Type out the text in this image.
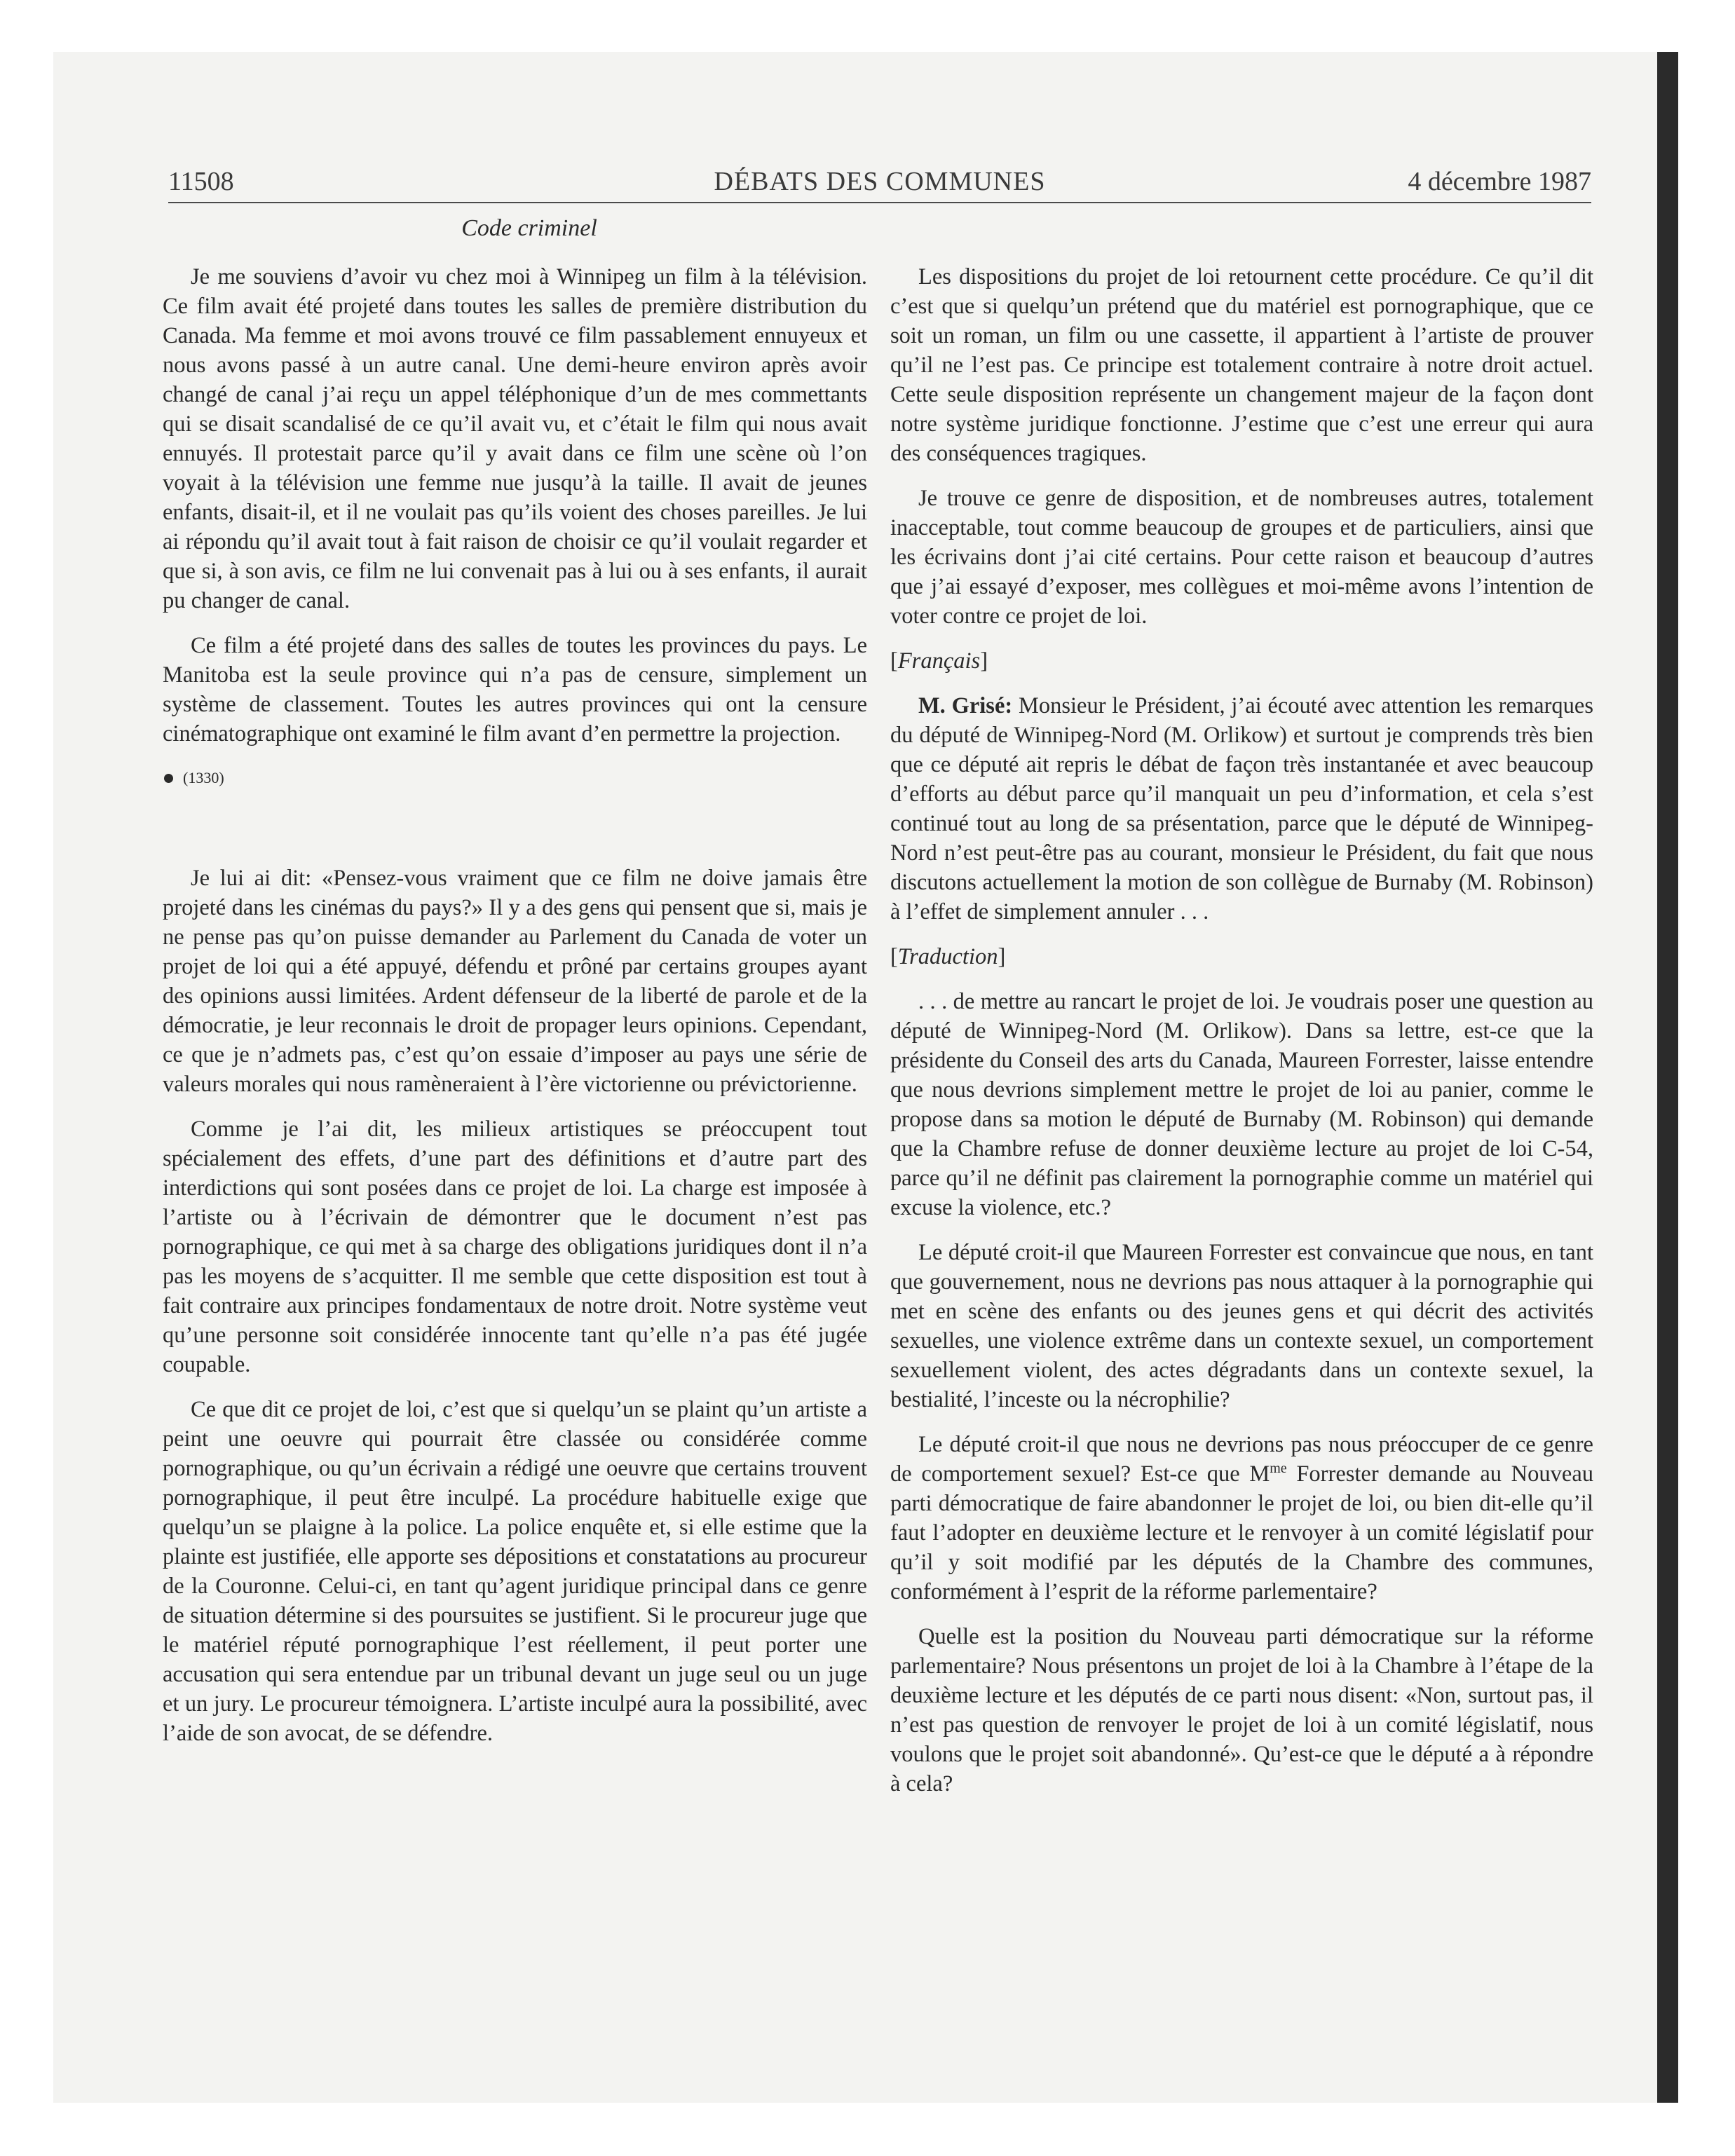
11508	DÉBATS DES COMMUNES	4 décembre 1987
Code criminel

Je me souviens d’avoir vu chez moi à Winnipeg un film à la télévision. Ce film avait été projeté dans toutes les salles de première distribution du Canada. Ma femme et moi avons trouvé ce film passablement ennuyeux et nous avons passé à un autre canal. Une demi-heure environ après avoir changé de canal j’ai reçu un appel téléphonique d’un de mes commettants qui se disait scandalisé de ce qu’il avait vu, et c’était le film qui nous avait ennuyés. Il protestait parce qu’il y avait dans ce film une scène où l’on voyait à la télévision une femme nue jusqu’à la taille. Il avait de jeunes enfants, disait-il, et il ne voulait pas qu’ils voient des choses pareilles. Je lui ai répondu qu’il avait tout à fait raison de choisir ce qu’il voulait regarder et que si, à son avis, ce film ne lui convenait pas à lui ou à ses enfants, il aurait pu changer de canal.

Ce film a été projeté dans des salles de toutes les provinces du pays. Le Manitoba est la seule province qui n’a pas de censure, simplement un système de classement. Toutes les autres provinces qui ont la censure cinématographique ont examiné le film avant d’en permettre la projection.

(1330)

Je lui ai dit: «Pensez-vous vraiment que ce film ne doive jamais être projeté dans les cinémas du pays?» Il y a des gens qui pensent que si, mais je ne pense pas qu’on puisse demander au Parlement du Canada de voter un projet de loi qui a été appuyé, défendu et prôné par certains groupes ayant des opinions aussi limitées. Ardent défenseur de la liberté de parole et de la démocratie, je leur reconnais le droit de propager leurs opinions. Cependant, ce que je n’admets pas, c’est qu’on essaie d’imposer au pays une série de valeurs morales qui nous ramèneraient à l’ère victorienne ou prévictorienne.

Comme je l’ai dit, les milieux artistiques se préoccupent tout spécialement des effets, d’une part des définitions et d’autre part des interdictions qui sont posées dans ce projet de loi. La charge est imposée à l’artiste ou à l’écrivain de démontrer que le document n’est pas pornographique, ce qui met à sa charge des obligations juridiques dont il n’a pas les moyens de s’acquitter. Il me semble que cette disposition est tout à fait contraire aux principes fondamentaux de notre droit. Notre système veut qu’une personne soit considérée innocente tant qu’elle n’a pas été jugée coupable.

Ce que dit ce projet de loi, c’est que si quelqu’un se plaint qu’un artiste a peint une oeuvre qui pourrait être classée ou considérée comme pornographique, ou qu’un écrivain a rédigé une oeuvre que certains trouvent pornographique, il peut être inculpé. La procédure habituelle exige que quelqu’un se plaigne à la police. La police enquête et, si elle estime que la plainte est justifiée, elle apporte ses dépositions et constatations au procureur de la Couronne. Celui-ci, en tant qu’agent juridique principal dans ce genre de situation détermine si des poursuites se justifient. Si le procureur juge que le matériel réputé pornographique l’est réellement, il peut porter une accusation qui sera entendue par un tribunal devant un juge seul ou un juge et un jury. Le procureur témoignera. L’artiste inculpé aura la possibilité, avec l’aide de son avocat, de se défendre.

Les dispositions du projet de loi retournent cette procédure. Ce qu’il dit c’est que si quelqu’un prétend que du matériel est pornographique, que ce soit un roman, un film ou une cassette, il appartient à l’artiste de prouver qu’il ne l’est pas. Ce principe est totalement contraire à notre droit actuel. Cette seule disposition représente un changement majeur de la façon dont notre système juridique fonctionne. J’estime que c’est une erreur qui aura des conséquences tragiques.

Je trouve ce genre de disposition, et de nombreuses autres, totalement inacceptable, tout comme beaucoup de groupes et de particuliers, ainsi que les écrivains dont j’ai cité certains. Pour cette raison et beaucoup d’autres que j’ai essayé d’exposer, mes collègues et moi-même avons l’intention de voter contre ce projet de loi.

[Français]

M. Grisé: Monsieur le Président, j’ai écouté avec attention les remarques du député de Winnipeg-Nord (M. Orlikow) et surtout je comprends très bien que ce député ait repris le débat de façon très instantanée et avec beaucoup d’efforts au début parce qu’il manquait un peu d’information, et cela s’est continué tout au long de sa présentation, parce que le député de Winnipeg-Nord n’est peut-être pas au courant, monsieur le Président, du fait que nous discutons actuellement la motion de son collègue de Burnaby (M. Robinson) à l’effet de simplement annuler . . .

[Traduction]

. . . de mettre au rancart le projet de loi. Je voudrais poser une question au député de Winnipeg-Nord (M. Orlikow). Dans sa lettre, est-ce que la présidente du Conseil des arts du Canada, Maureen Forrester, laisse entendre que nous devrions simplement mettre le projet de loi au panier, comme le propose dans sa motion le député de Burnaby (M. Robinson) qui demande que la Chambre refuse de donner deuxième lecture au projet de loi C-54, parce qu’il ne définit pas clairement la pornographie comme un matériel qui excuse la violence, etc.?

Le député croit-il que Maureen Forrester est convaincue que nous, en tant que gouvernement, nous ne devrions pas nous attaquer à la pornographie qui met en scène des enfants ou des jeunes gens et qui décrit des activités sexuelles, une violence extrême dans un contexte sexuel, un comportement sexuellement violent, des actes dégradants dans un contexte sexuel, la bestialité, l’inceste ou la nécrophilie?

Le député croit-il que nous ne devrions pas nous préoccuper de ce genre de comportement sexuel? Est-ce que $M^{me}$ Forrester demande au Nouveau parti démocratique de faire abandonner le projet de loi, ou bien dit-elle qu’il faut l’adopter en deuxième lecture et le renvoyer à un comité législatif pour qu’il y soit modifié par les députés de la Chambre des communes, conformément à l’esprit de la réforme parlementaire?

Quelle est la position du Nouveau parti démocratique sur la réforme parlementaire? Nous présentons un projet de loi à la Chambre à l’étape de la deuxième lecture et les députés de ce parti nous disent: «Non, surtout pas, il n’est pas question de renvoyer le projet de loi à un comité législatif, nous voulons que le projet soit abandonné». Qu’est-ce que le député a à répondre à cela?
